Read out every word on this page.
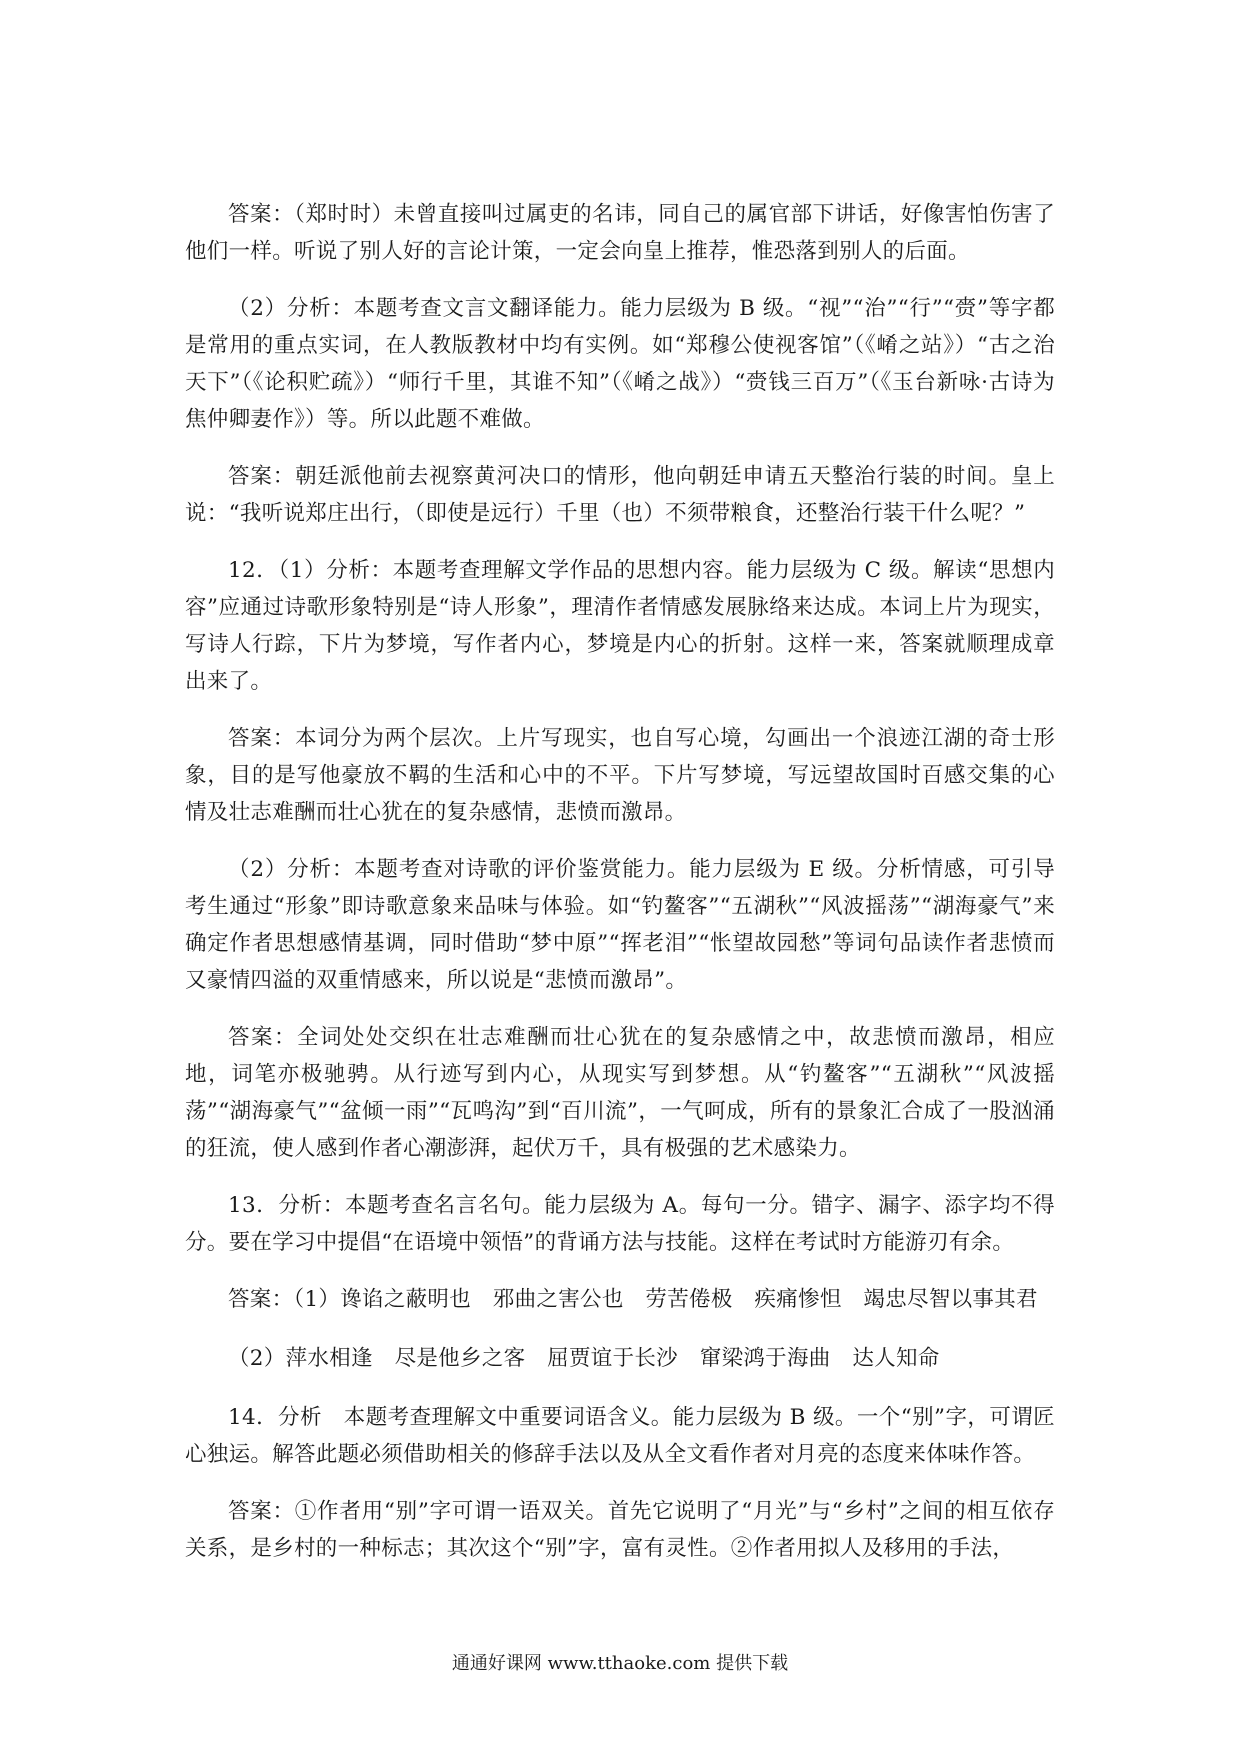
答案：（郑时时）未曾直接叫过属吏的名讳，同自己的属官部下讲话，好像害怕伤害了他们一样。听说了别人好的言论计策，一定会向皇上推荐，惟恐落到别人的后面。

（2）分析：本题考查文言文翻译能力。能力层级为 B 级。“视”“治”“行”“赍”等字都是常用的重点实词，在人教版教材中均有实例。如“郑穆公使视客馆”（《崤之站》）“古之治天下”（《论积贮疏》）“师行千里，其谁不知”（《崤之战》）“赍钱三百万”（《玉台新咏·古诗为焦仲卿妻作》）等。所以此题不难做。

答案：朝廷派他前去视察黄河决口的情形，他向朝廷申请五天整治行装的时间。皇上说：“我听说郑庄出行，（即使是远行）千里（也）不须带粮食，还整治行装干什么呢？”

12．（1）分析：本题考查理解文学作品的思想内容。能力层级为 C 级。解读“思想内容”应通过诗歌形象特别是“诗人形象”，理清作者情感发展脉络来达成。本词上片为现实，写诗人行踪，下片为梦境，写作者内心，梦境是内心的折射。这样一来，答案就顺理成章出来了。

答案：本词分为两个层次。上片写现实，也自写心境，勾画出一个浪迹江湖的奇士形象，目的是写他豪放不羁的生活和心中的不平。下片写梦境，写远望故国时百感交集的心情及壮志难酬而壮心犹在的复杂感情，悲愤而激昂。

（2）分析：本题考查对诗歌的评价鉴赏能力。能力层级为 E 级。分析情感，可引导考生通过“形象”即诗歌意象来品味与体验。如“钓鳌客”“五湖秋”“风波摇荡”“湖海豪气”来确定作者思想感情基调，同时借助“梦中原”“挥老泪”“怅望故园愁”等词句品读作者悲愤而又豪情四溢的双重情感来，所以说是“悲愤而激昂”。

答案：全词处处交织在壮志难酬而壮心犹在的复杂感情之中，故悲愤而激昂，相应地，词笔亦极驰骋。从行迹写到内心，从现实写到梦想。从“钓鳌客”“五湖秋”“风波摇荡”“湖海豪气”“盆倾一雨”“瓦鸣沟”到“百川流”，一气呵成，所有的景象汇合成了一股汹涌的狂流，使人感到作者心潮澎湃，起伏万千，具有极强的艺术感染力。

13．分析：本题考查名言名句。能力层级为 A。每句一分。错字、漏字、添字均不得分。要在学习中提倡“在语境中领悟”的背诵方法与技能。这样在考试时方能游刃有余。

答案：（1）谗谄之蔽明也　邪曲之害公也　劳苦倦极　疾痛惨怛　竭忠尽智以事其君

（2）萍水相逢　尽是他乡之客　屈贾谊于长沙　窜梁鸿于海曲　达人知命

14．分析　本题考查理解文中重要词语含义。能力层级为 B 级。一个“别”字，可谓匠心独运。解答此题必须借助相关的修辞手法以及从全文看作者对月亮的态度来体味作答。

答案：①作者用“别”字可谓一语双关。首先它说明了“月光”与“乡村”之间的相互依存关系，是乡村的一种标志；其次这个“别”字，富有灵性。②作者用拟人及移用的手法，

通通好课网 www.tthaoke.com 提供下载
